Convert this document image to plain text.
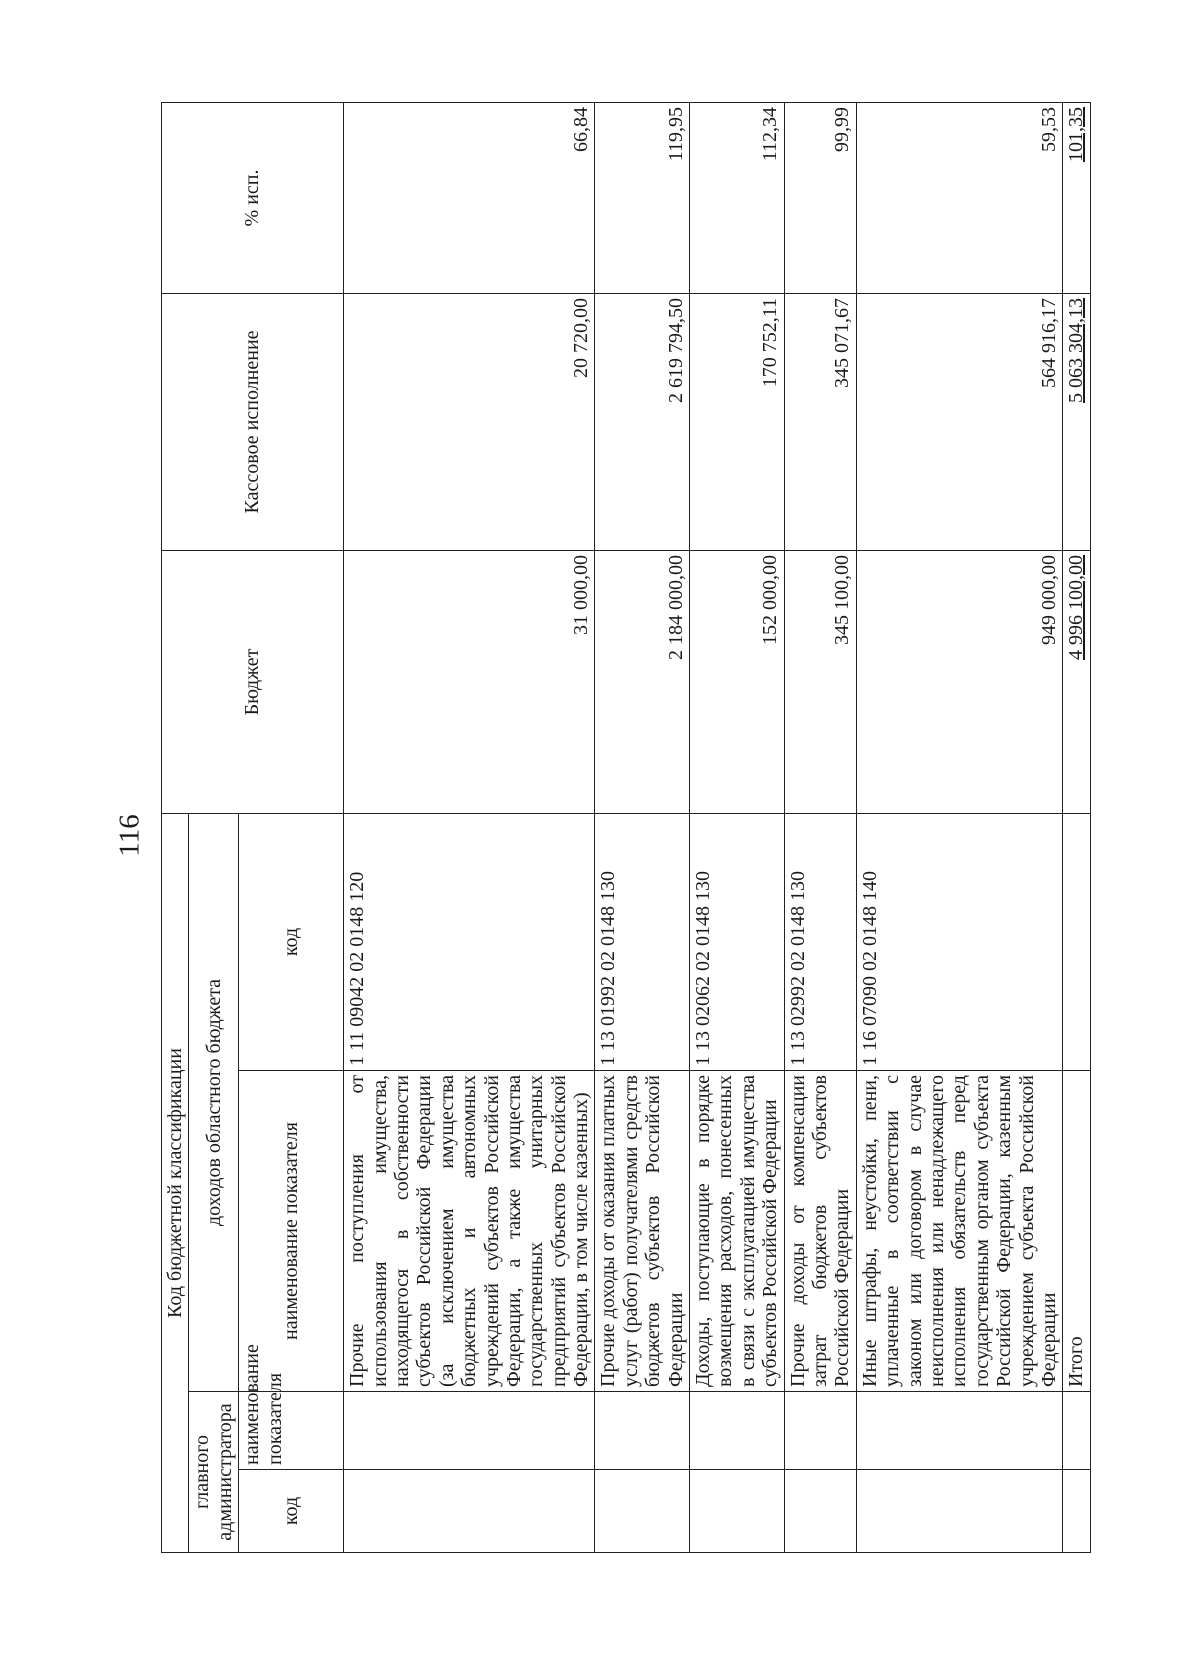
116
Код бюджетной классификации				Бюджет	Кассовое исполнение	% исп.
главного администратора		доходов областного бюджета				
код	наименование показателя	наименование показателя	код			
		Прочие поступления от использования имущества, находящегося в собственности субъектов Российской Федерации (за исключением имущества бюджетных и автономных учреждений субъектов Российской Федерации, а также имущества государственных унитарных предприятий субъектов Российской Федерации, в том числе казенных)	1 11 09042 02 0148 120	31 000,00	20 720,00	66,84
		Прочие доходы от оказания платных услуг (работ) получателями средств бюджетов субъектов Российской Федерации	1 13 01992 02 0148 130	2 184 000,00	2 619 794,50	119,95
		Доходы, поступающие в порядке возмещения расходов, понесенных в связи с эксплуатацией имущества субъектов Российской Федерации	1 13 02062 02 0148 130	152 000,00	170 752,11	112,34
		Прочие доходы от компенсации затрат бюджетов субъектов Российской Федерации	1 13 02992 02 0148 130	345 100,00	345 071,67	99,99
		Иные штрафы, неустойки, пени, уплаченные в соответствии с законом или договором в случае неисполнения или ненадлежащего исполнения обязательств перед государственным органом субъекта Российской Федерации, казенным учреждением субъекта Российской Федерации	1 16 07090 02 0148 140	949 000,00	564 916,17	59,53
		Итого		4 996 100,00	5 063 304,13	101,35
